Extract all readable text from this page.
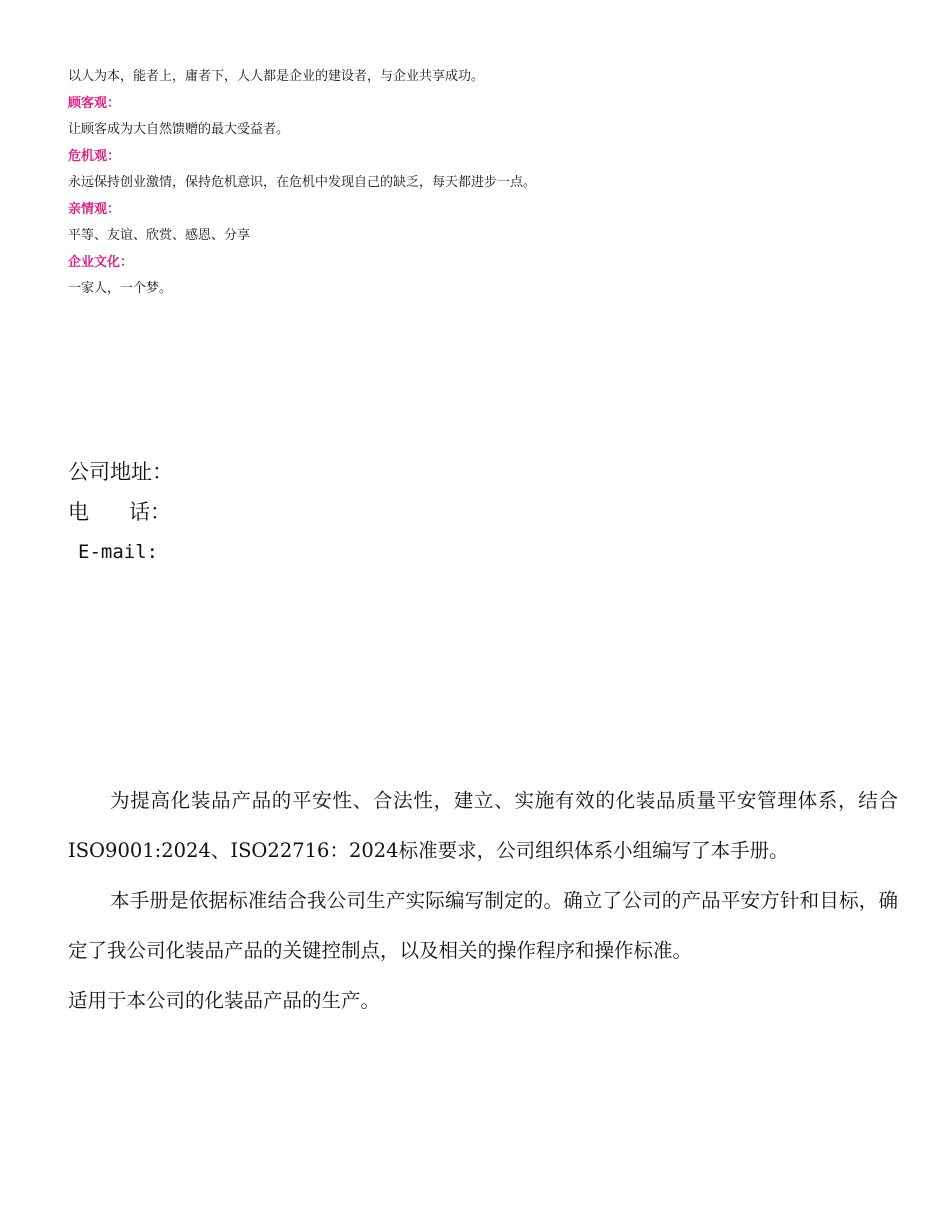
以人为本，能者上，庸者下，人人都是企业的建设者，与企业共享成功。
顾客观：
让顾客成为大自然馈赠的最大受益者。
危机观：
永远保持创业激情，保持危机意识，在危机中发现自己的缺乏，每天都进步一点。
亲情观：
平等、友谊、欣赏、感恩、分享
企业文化：
一家人，一个梦。
公司地址：
电      话：
E-mail:

为提高化装品产品的平安性、合法性，建立、实施有效的化装品质量平安管理体系，结合ISO9001:2024、ISO22716：2024标准要求，公司组织体系小组编写了本手册。

本手册是依据标准结合我公司生产实际编写制定的。确立了公司的产品平安方针和目标，确定了我公司化装品产品的关键控制点，以及相关的操作程序和操作标准。

适用于本公司的化装品产品的生产。
